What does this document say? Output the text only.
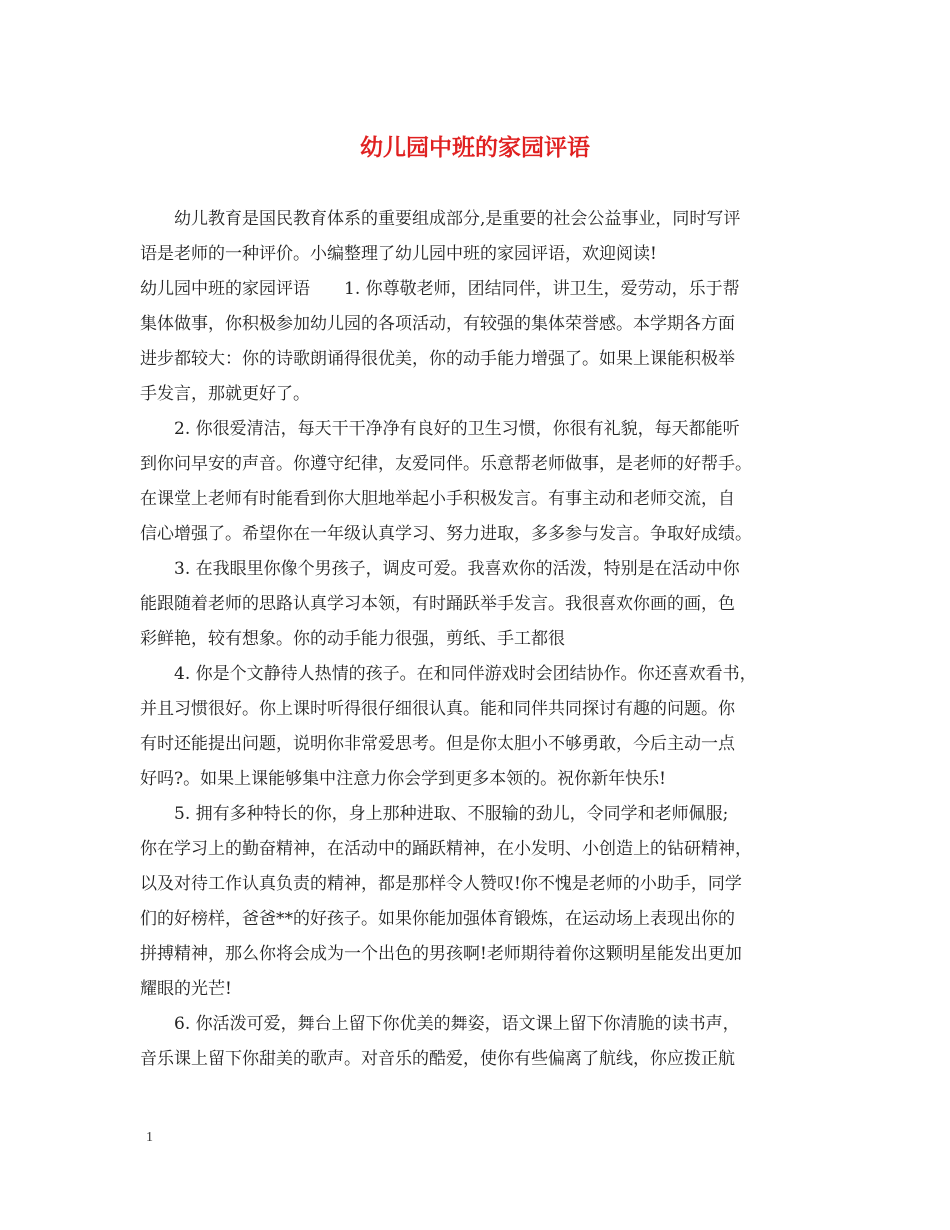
幼儿园中班的家园评语
　　幼儿教育是国民教育体系的重要组成部分,是重要的社会公益事业，同时写评
语是老师的一种评价。小编整理了幼儿园中班的家园评语，欢迎阅读!
幼儿园中班的家园评语　　1. 你尊敬老师，团结同伴，讲卫生，爱劳动，乐于帮
集体做事，你积极参加幼儿园的各项活动，有较强的集体荣誉感。本学期各方面
进步都较大：你的诗歌朗诵得很优美，你的动手能力增强了。如果上课能积极举
手发言，那就更好了。
　　2. 你很爱清洁，每天干干净净有良好的卫生习惯，你很有礼貌，每天都能听
到你问早安的声音。你遵守纪律，友爱同伴。乐意帮老师做事，是老师的好帮手。
在课堂上老师有时能看到你大胆地举起小手积极发言。有事主动和老师交流，自
信心增强了。希望你在一年级认真学习、努力进取，多多参与发言。争取好成绩。
　　3. 在我眼里你像个男孩子，调皮可爱。我喜欢你的活泼，特别是在活动中你
能跟随着老师的思路认真学习本领，有时踊跃举手发言。我很喜欢你画的画，色
彩鲜艳，较有想象。你的动手能力很强，剪纸、手工都很
　　4. 你是个文静待人热情的孩子。在和同伴游戏时会团结协作。你还喜欢看书，
并且习惯很好。你上课时听得很仔细很认真。能和同伴共同探讨有趣的问题。你
有时还能提出问题，说明你非常爱思考。但是你太胆小不够勇敢，今后主动一点
好吗?。如果上课能够集中注意力你会学到更多本领的。祝你新年快乐!
　　5. 拥有多种特长的你，身上那种进取、不服输的劲儿，令同学和老师佩服;
你在学习上的勤奋精神，在活动中的踊跃精神，在小发明、小创造上的钻研精神，
以及对待工作认真负责的精神，都是那样令人赞叹!你不愧是老师的小助手，同学
们的好榜样，爸爸**的好孩子。如果你能加强体育锻炼，在运动场上表现出你的
拼搏精神，那么你将会成为一个出色的男孩啊!老师期待着你这颗明星能发出更加
耀眼的光芒!
　　6. 你活泼可爱，舞台上留下你优美的舞姿，语文课上留下你清脆的读书声，
音乐课上留下你甜美的歌声。对音乐的酷爱，使你有些偏离了航线，你应拨正航
1
